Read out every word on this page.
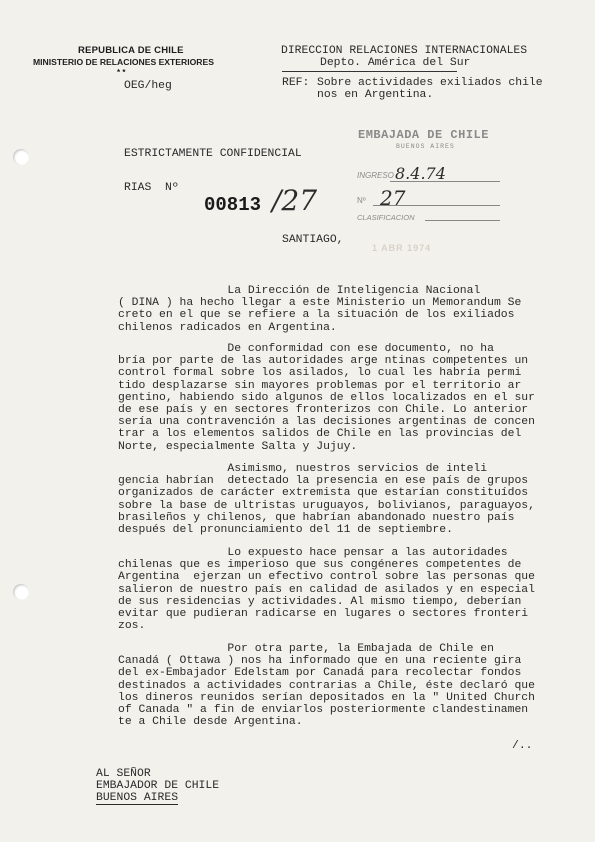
REPUBLICA DE CHILE
MINISTERIO DE RELACIONES EXTERIORES
* *
DIRECCION RELACIONES INTERNACIONALES
Depto. América del Sur
OEG/heg	REF: Sobre actividades exiliados chile
nos en Argentina.
EMBAJADA DE CHILE
BUENOS AIRES
INGRESO 8.4.74
Nº 27
CLASIFICACION
ESTRICTAMENTE CONFIDENCIAL
RIAS  Nº
00813 /27
SANTIAGO,
1 ABR 1974
La Dirección de Inteligencia Nacional
( DINA ) ha hecho llegar a este Ministerio un Memorandum Se
creto en el que se refiere a la situación de los exiliados
chilenos radicados en Argentina.
De conformidad con ese documento, no ha
bría por parte de las autoridades arge ntinas competentes un
control formal sobre los asilados, lo cual les habría permi
tido desplazarse sin mayores problemas por el territorio ar
gentino, habiendo sido algunos de ellos localizados en el sur
de ese país y en sectores fronterizos con Chile. Lo anterior
sería una contravención a las decisiones argentinas de concen
trar a los elementos salidos de Chile en las provincias del
Norte, especialmente Salta y Jujuy.
Asimismo, nuestros servicios de inteli
gencia habrían  detectado la presencia en ese país de grupos
organizados de carácter extremista que estarían constituídos
sobre la base de ultristas uruguayos, bolivianos, paraguayos,
brasileños y chilenos, que habrían abandonado nuestro país
después del pronunciamiento del 11 de septiembre.
Lo expuesto hace pensar a las autoridades
chilenas que es imperioso que sus congéneres competentes de
Argentina  ejerzan un efectivo control sobre las personas que
salieron de nuestro país en calidad de asilados y en especial
de sus residencias y actividades. Al mismo tiempo, deberían
evitar que pudieran radicarse en lugares o sectores fronteri
zos.
Por otra parte, la Embajada de Chile en
Canadá ( Ottawa ) nos ha informado que en una reciente gira
del ex-Embajador Edelstam por Canadá para recolectar fondos
destinados a actividades contrarias a Chile, éste declaró que
los dineros reunidos serían depositados en la " United Church
of Canada " a fin de enviarlos posteriormente clandestinamen
te a Chile desde Argentina.
/..
AL SEÑOR
EMBAJADOR DE CHILE
BUENOS AIRES
